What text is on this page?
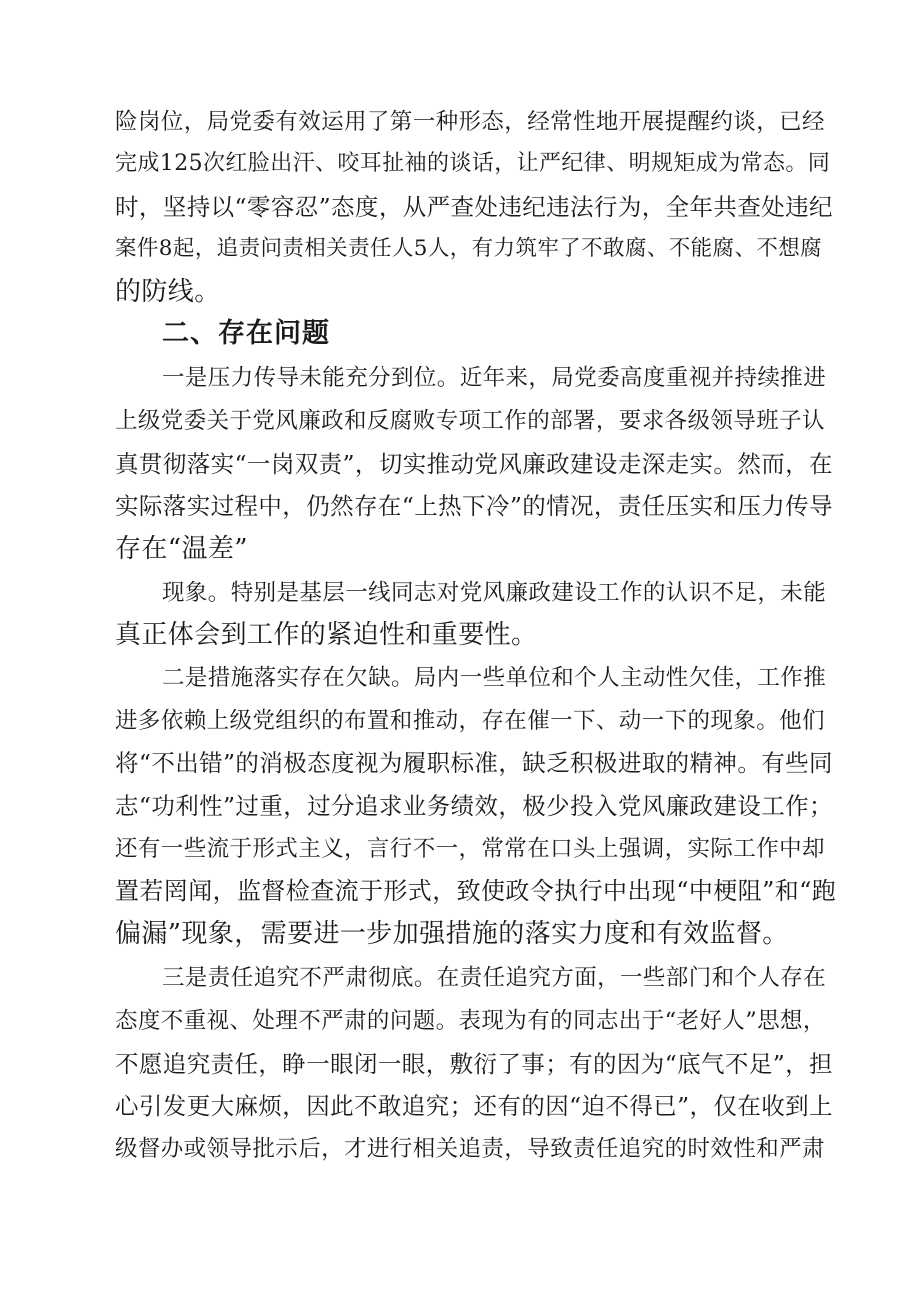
险岗位，局党委有效运用了第一种形态，经常性地开展提醒约谈，已经
完成125次红脸出汗、咬耳扯袖的谈话，让严纪律、明规矩成为常态。同
时，坚持以“零容忍”态度，从严查处违纪违法行为，全年共查处违纪
案件8起，追责问责相关责任人5人，有力筑牢了不敢腐、不能腐、不想腐
的防线。
二、存在问题
一是压力传导未能充分到位。近年来，局党委高度重视并持续推进
上级党委关于党风廉政和反腐败专项工作的部署，要求各级领导班子认
真贯彻落实“一岗双责”，切实推动党风廉政建设走深走实。然而，在
实际落实过程中，仍然存在“上热下冷”的情况，责任压实和压力传导
存在“温差”
现象。特别是基层一线同志对党风廉政建设工作的认识不足，未能
真正体会到工作的紧迫性和重要性。
二是措施落实存在欠缺。局内一些单位和个人主动性欠佳，工作推
进多依赖上级党组织的布置和推动，存在催一下、动一下的现象。他们
将“不出错”的消极态度视为履职标准，缺乏积极进取的精神。有些同
志“功利性”过重，过分追求业务绩效，极少投入党风廉政建设工作；
还有一些流于形式主义，言行不一，常常在口头上强调，实际工作中却
置若罔闻，监督检查流于形式，致使政令执行中出现“中梗阻”和“跑
偏漏”现象，需要进一步加强措施的落实力度和有效监督。
三是责任追究不严肃彻底。在责任追究方面，一些部门和个人存在
态度不重视、处理不严肃的问题。表现为有的同志出于“老好人”思想，
不愿追究责任，睁一眼闭一眼，敷衍了事；有的因为“底气不足”，担
心引发更大麻烦，因此不敢追究；还有的因“迫不得已”，仅在收到上
级督办或领导批示后，才进行相关追责，导致责任追究的时效性和严肃
